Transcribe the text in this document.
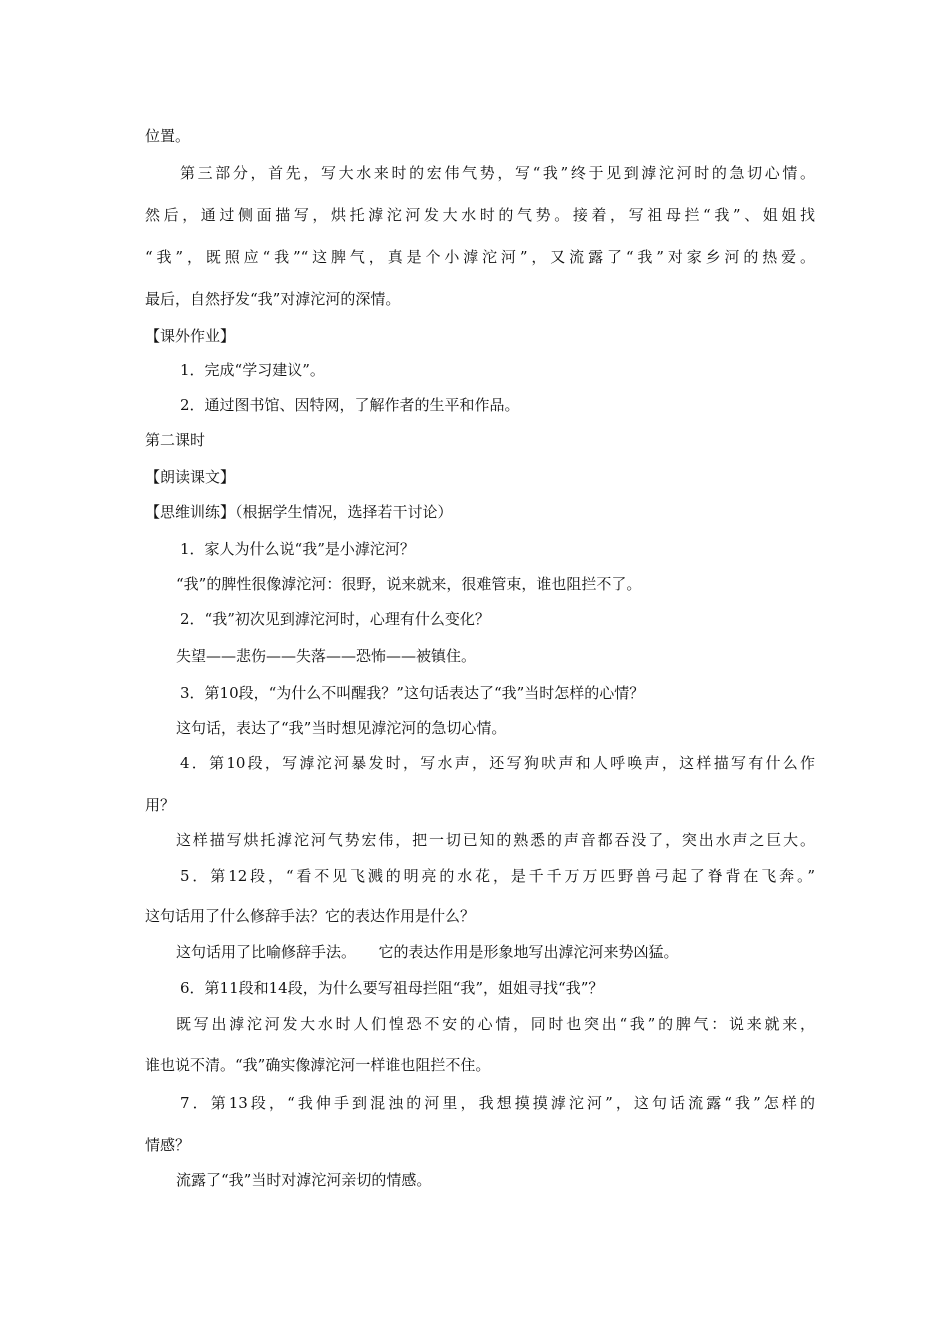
位置。
第三部分，首先，写大水来时的宏伟气势，写“我”终于见到滹沱河时的急切心情。
然后，通过侧面描写，烘托滹沱河发大水时的气势。接着，写祖母拦“我”、姐姐找
“我”，既照应“我”“这脾气，真是个小滹沱河”，又流露了“我”对家乡河的热爱。
最后，自然抒发“我”对滹沱河的深情。
【课外作业】
1．完成“学习建议”。
2．通过图书馆、因特网，了解作者的生平和作品。
第二课时
【朗读课文】
【思维训练】（根据学生情况，选择若干讨论）
1．家人为什么说“我”是小滹沱河？
“我”的脾性很像滹沱河：很野，说来就来，很难管束，谁也阻拦不了。
2．“我”初次见到滹沱河时，心理有什么变化？
失望——悲伤——失落——恐怖——被镇住。
3．第10段，“为什么不叫醒我？”这句话表达了“我”当时怎样的心情？
这句话，表达了“我”当时想见滹沱河的急切心情。
4．第10段，写滹沱河暴发时，写水声，还写狗吠声和人呼唤声，这样描写有什么作
用？
这样描写烘托滹沱河气势宏伟，把一切已知的熟悉的声音都吞没了，突出水声之巨大。
5．第12段，“看不见飞溅的明亮的水花，是千千万万匹野兽弓起了脊背在飞奔。”
这句话用了什么修辞手法？它的表达作用是什么？
这句话用了比喻修辞手法。　　它的表达作用是形象地写出滹沱河来势凶猛。
6．第11段和14段，为什么要写祖母拦阻“我”，姐姐寻找“我”？
既写出滹沱河发大水时人们惶恐不安的心情，同时也突出“我”的脾气：说来就来，
谁也说不清。“我”确实像滹沱河一样谁也阻拦不住。
7．第13段，“我伸手到混浊的河里，我想摸摸滹沱河”，这句话流露“我”怎样的
情感？
流露了“我”当时对滹沱河亲切的情感。
